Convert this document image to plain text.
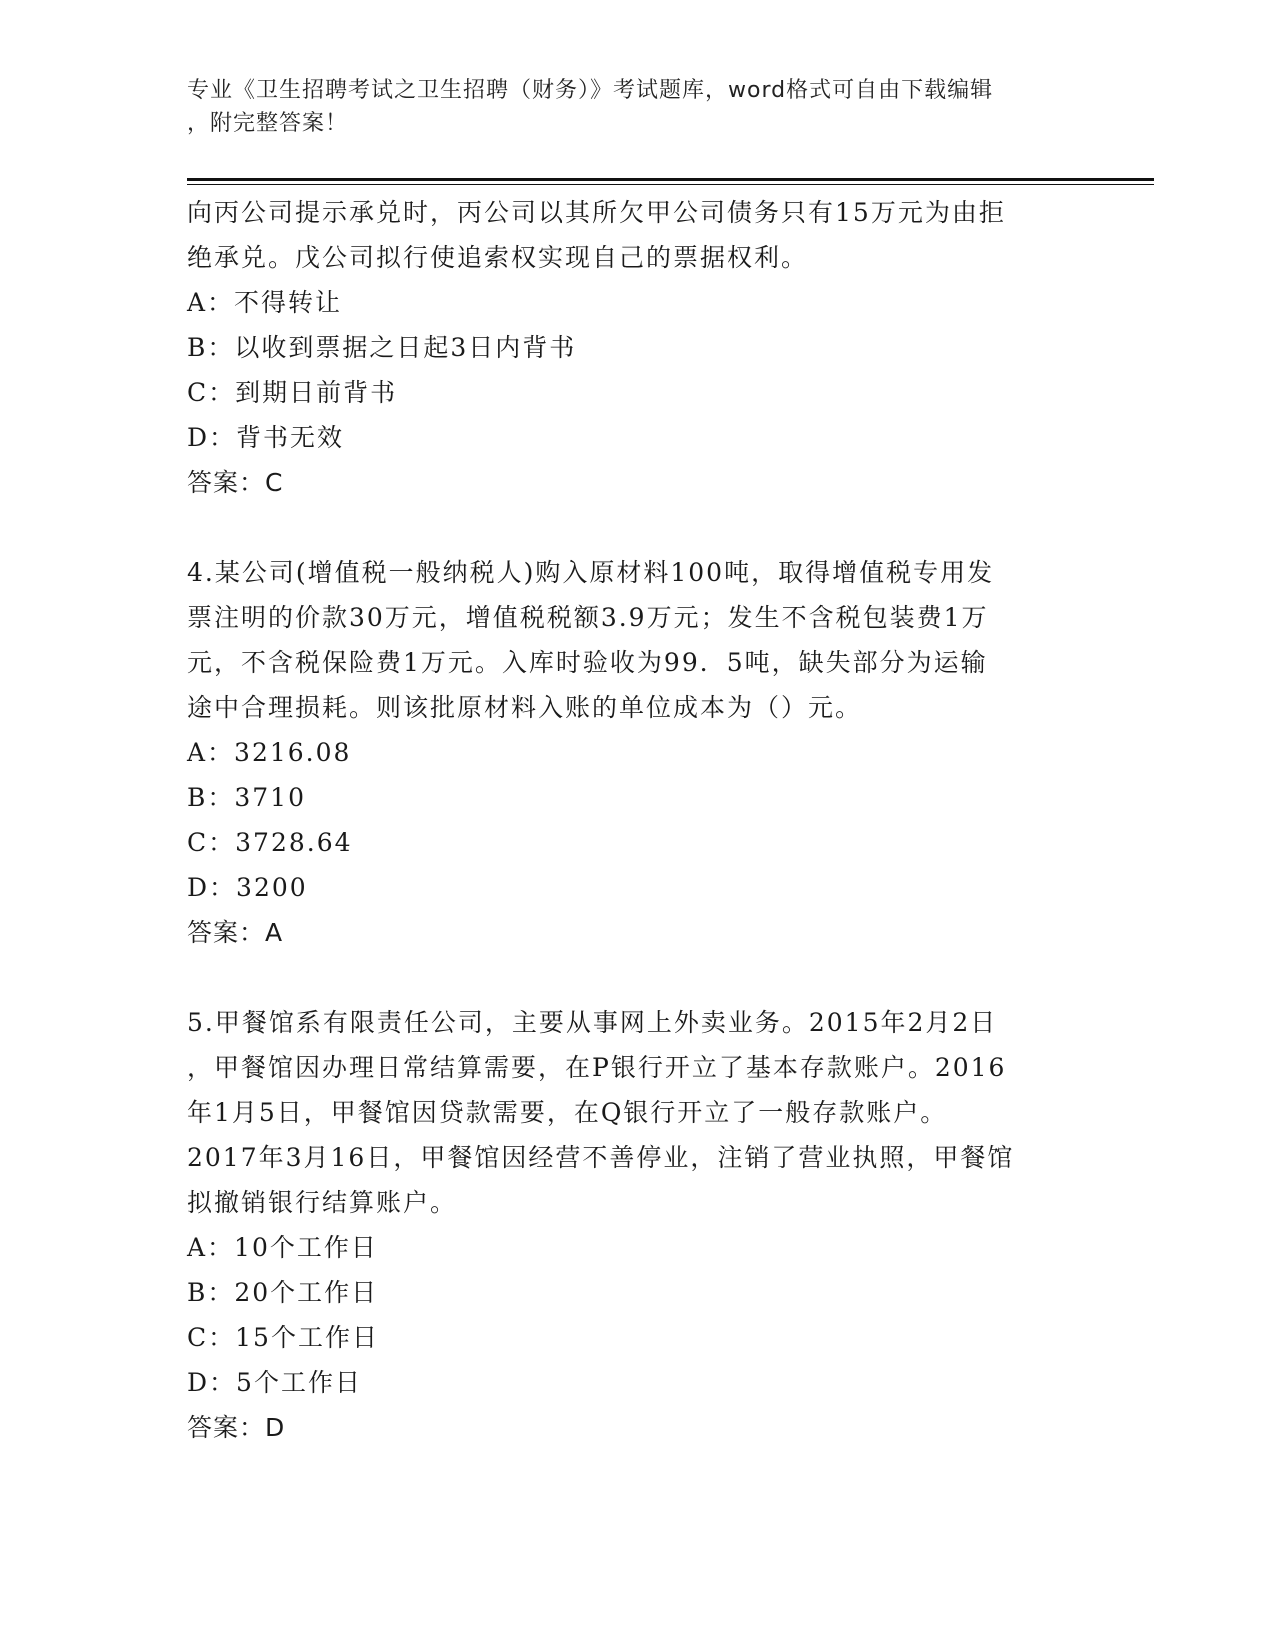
专业《卫生招聘考试之卫生招聘（财务）》考试题库，word格式可自由下载编辑
，附完整答案！

向丙公司提示承兑时，丙公司以其所欠甲公司债务只有15万元为由拒

绝承兑。戊公司拟行使追索权实现自己的票据权利。

A：不得转让

B：以收到票据之日起3日内背书

C：到期日前背书

D：背书无效

答案：C

4.某公司(增值税一般纳税人)购入原材料100吨，取得增值税专用发

票注明的价款30万元，增值税税额3.9万元；发生不含税包装费1万

元，不含税保险费1万元。入库时验收为99．5吨，缺失部分为运输

途中合理损耗。则该批原材料入账的单位成本为（）元。

A：3216.08

B：3710

C：3728.64

D：3200

答案：A

5.甲餐馆系有限责任公司，主要从事网上外卖业务。2015年2月2日

，甲餐馆因办理日常结算需要，在P银行开立了基本存款账户。2016

年1月5日，甲餐馆因贷款需要，在Q银行开立了一般存款账户。

2017年3月16日，甲餐馆因经营不善停业，注销了营业执照，甲餐馆

拟撤销银行结算账户。

A：10个工作日

B：20个工作日

C：15个工作日

D：5个工作日

答案：D
